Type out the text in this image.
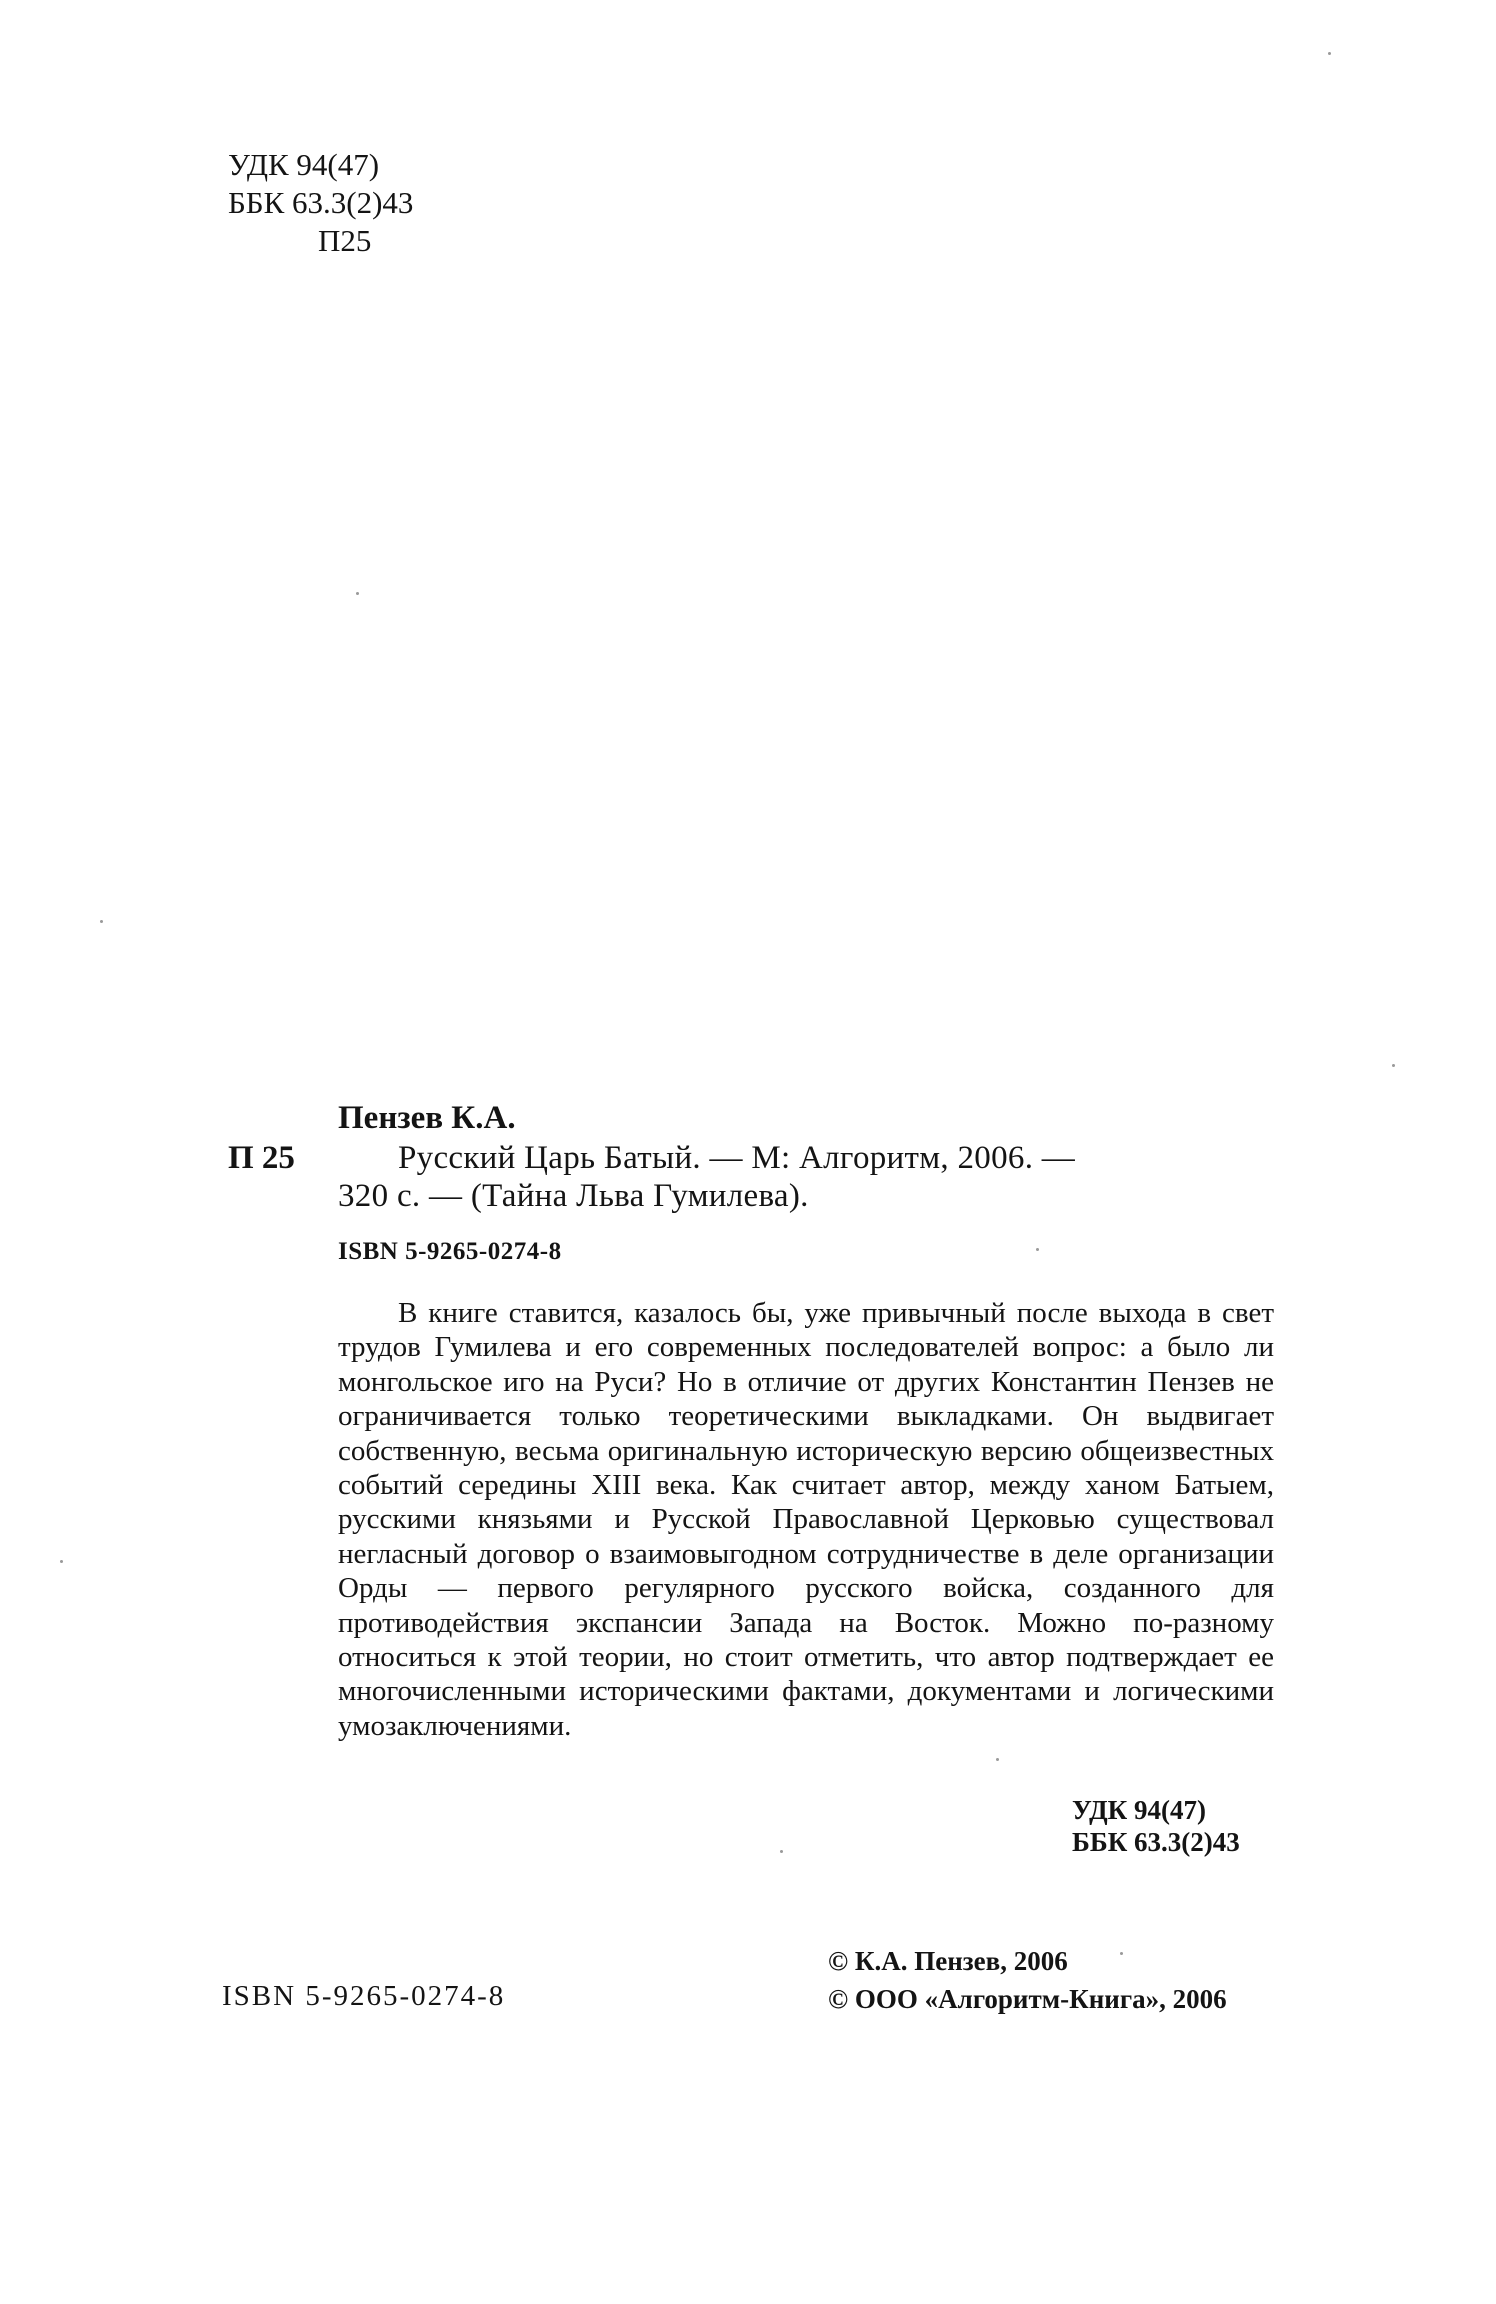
УДК 94(47)
ББК 63.3(2)43
П25
Пензев К.А.
П 25	Русский Царь Батый. — М: Алгоритм, 2006. —
320 с. — (Тайна Льва Гумилева).
ISBN 5-9265-0274-8

В книге ставится, казалось бы, уже привычный после выхода в свет трудов Гумилева и его современных последователей вопрос: а было ли монгольское иго на Руси? Но в отличие от других Константин Пензев не ограничивается только теоретическими выкладками. Он выдвигает собственную, весьма оригинальную историческую версию общеизвестных событий середины XIII века. Как считает автор, между ханом Батыем, русскими князьями и Русской Православной Церковью существовал негласный договор о взаимовыгодном сотрудничестве в деле организации Орды — первого регулярного русского войска, созданного для противодействия экспансии Запада на Восток. Можно по-разному относиться к этой теории, но стоит отметить, что автор подтверждает ее многочисленными историческими фактами, документами и логическими умозаключениями.

УДК 94(47)
ББК 63.3(2)43
ISBN 5-9265-0274-8
© К.А. Пензев, 2006
© ООО «Алгоритм-Книга», 2006
